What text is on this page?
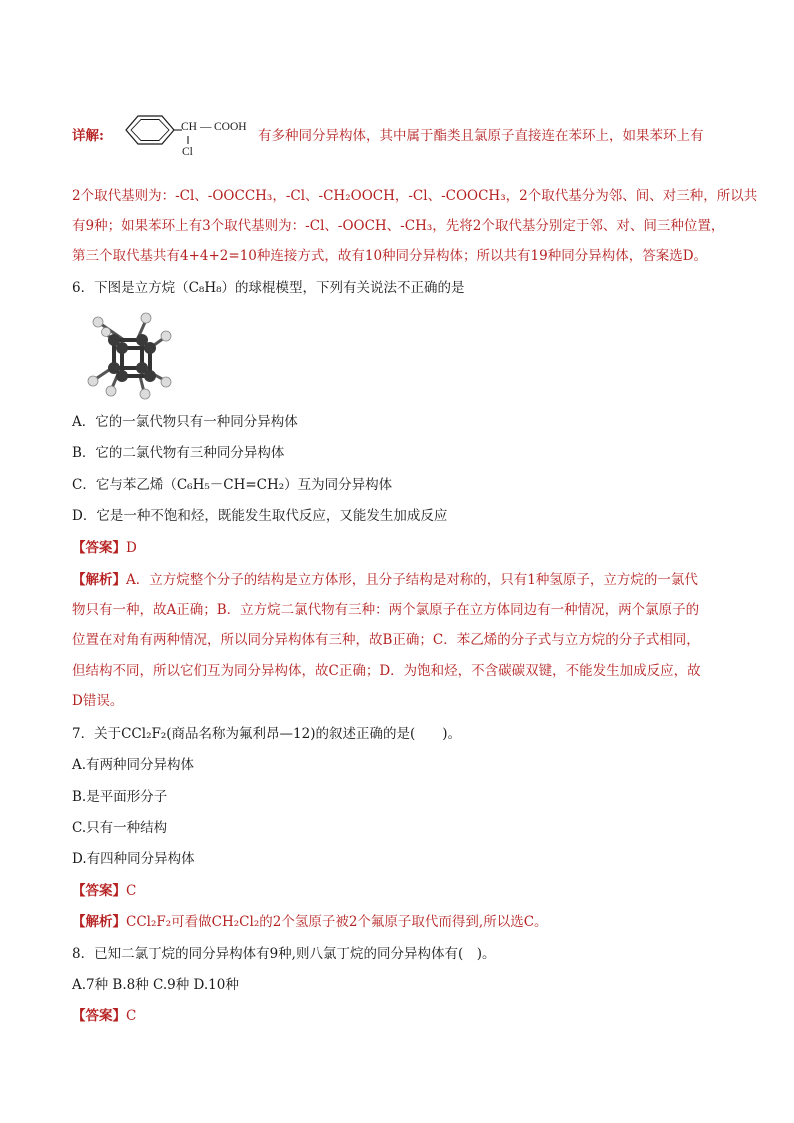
详解:
CH — COOH
Cl
有多种同分异构体，其中属于酯类且氯原子直接连在苯环上，如果苯环上有
2个取代基则为：-Cl、-OOCCH₃，-Cl、-CH₂OOCH，-Cl、-COOCH₃，2个取代基分为邻、间、对三种，所以共
有9种；如果苯环上有3个取代基则为：-Cl、-OOCH、-CH₃，先将2个取代基分别定于邻、对、间三种位置，
第三个取代基共有4+4+2=10种连接方式，故有10种同分异构体；所以共有19种同分异构体，答案选D。
6．下图是立方烷（C₈H₈）的球棍模型，下列有关说法不正确的是
A．它的一氯代物只有一种同分异构体
B．它的二氯代物有三种同分异构体
C．它与苯乙烯（C₆H₅－CH=CH₂）互为同分异构体
D．它是一种不饱和烃，既能发生取代反应，又能发生加成反应
【答案】D
【解析】A．立方烷整个分子的结构是立方体形，且分子结构是对称的，只有1种氢原子，立方烷的一氯代
物只有一种，故A正确；B．立方烷二氯代物有三种：两个氯原子在立方体同边有一种情况，两个氯原子的
位置在对角有两种情况，所以同分异构体有三种，故B正确；C．苯乙烯的分子式与立方烷的分子式相同，
但结构不同，所以它们互为同分异构体，故C正确；D．为饱和烃，不含碳碳双键，不能发生加成反应，故
D错误。
7．关于CCl₂F₂(商品名称为氟利昂—12)的叙述正确的是(　　)。
A.有两种同分异构体
B.是平面形分子
C.只有一种结构
D.有四种同分异构体
【答案】C
【解析】CCl₂F₂可看做CH₂Cl₂的2个氢原子被2个氟原子取代而得到,所以选C。
8．已知二氯丁烷的同分异构体有9种,则八氯丁烷的同分异构体有(　)。
A.7种 B.8种 C.9种 D.10种
【答案】C
